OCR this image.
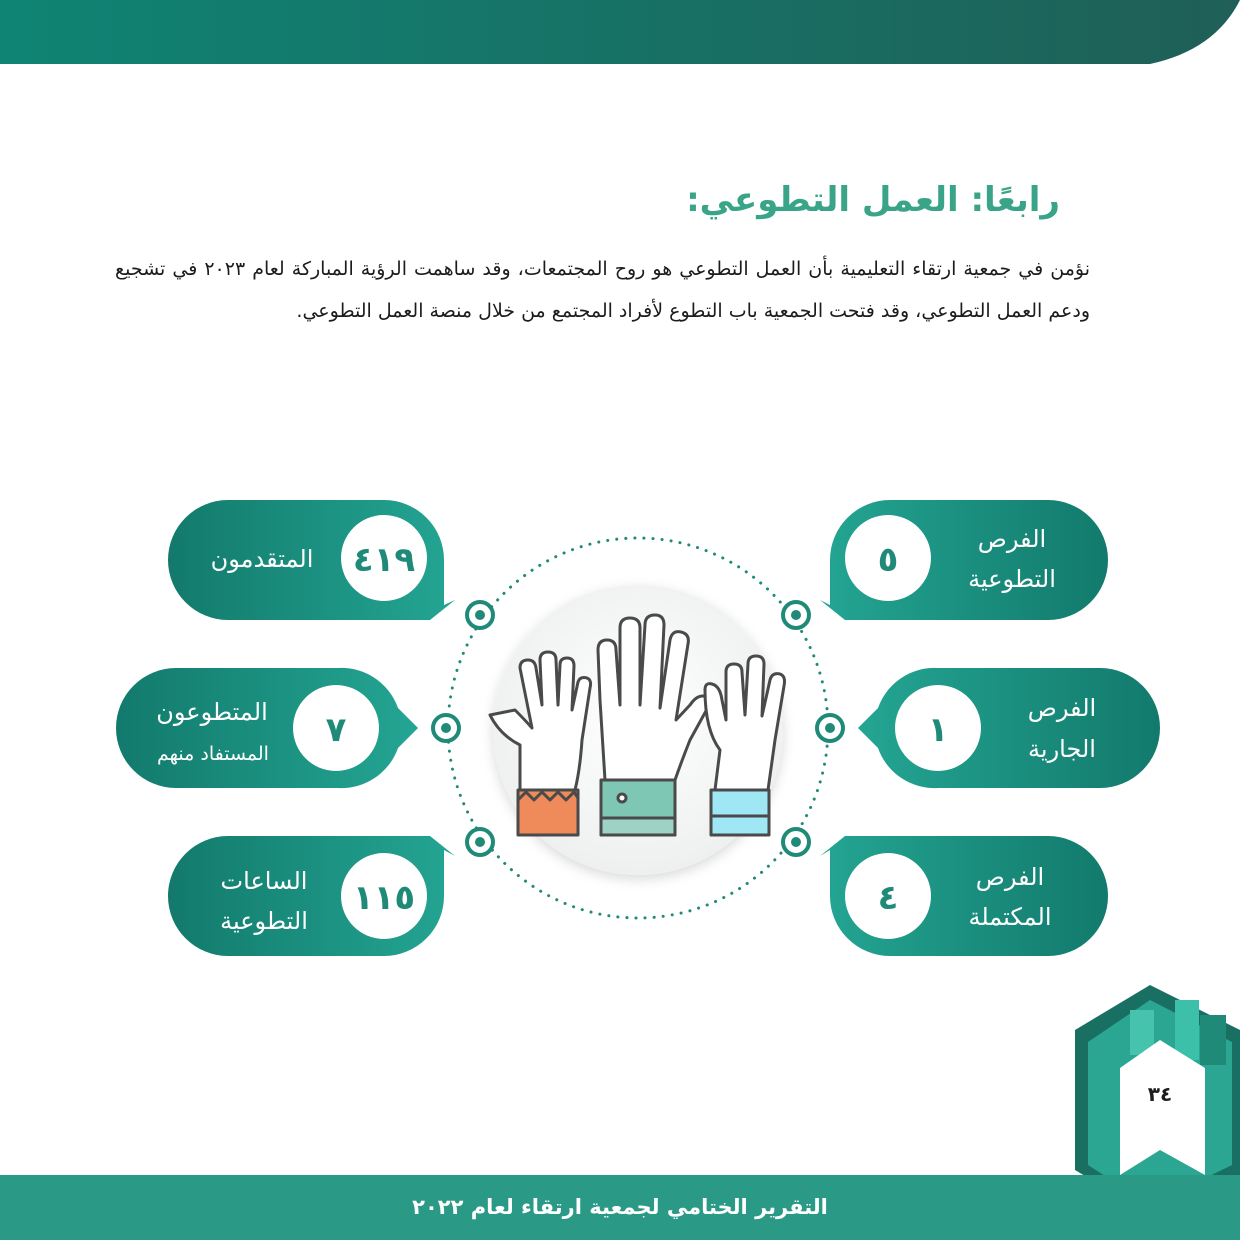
رابعًا: العمل التطوعي:

نؤمن في جمعية ارتقاء التعليمية بأن العمل التطوعي هو روح المجتمعات، وقد ساهمت الرؤية المباركة لعام ٢٠٢٣ في تشجيع ودعم العمل التطوعي، وقد فتحت الجمعية باب التطوع لأفراد المجتمع من خلال منصة العمل التطوعي.

٤١٩
المتقدمون
٧
المتطوعون
المستفاد منهم
١١٥
الساعات
التطوعية
٥
الفرص
التطوعية
١
الفرص
الجارية
٤
الفرص
المكتملة
٣٤
التقرير الختامي لجمعية ارتقاء لعام ٢٠٢٢
